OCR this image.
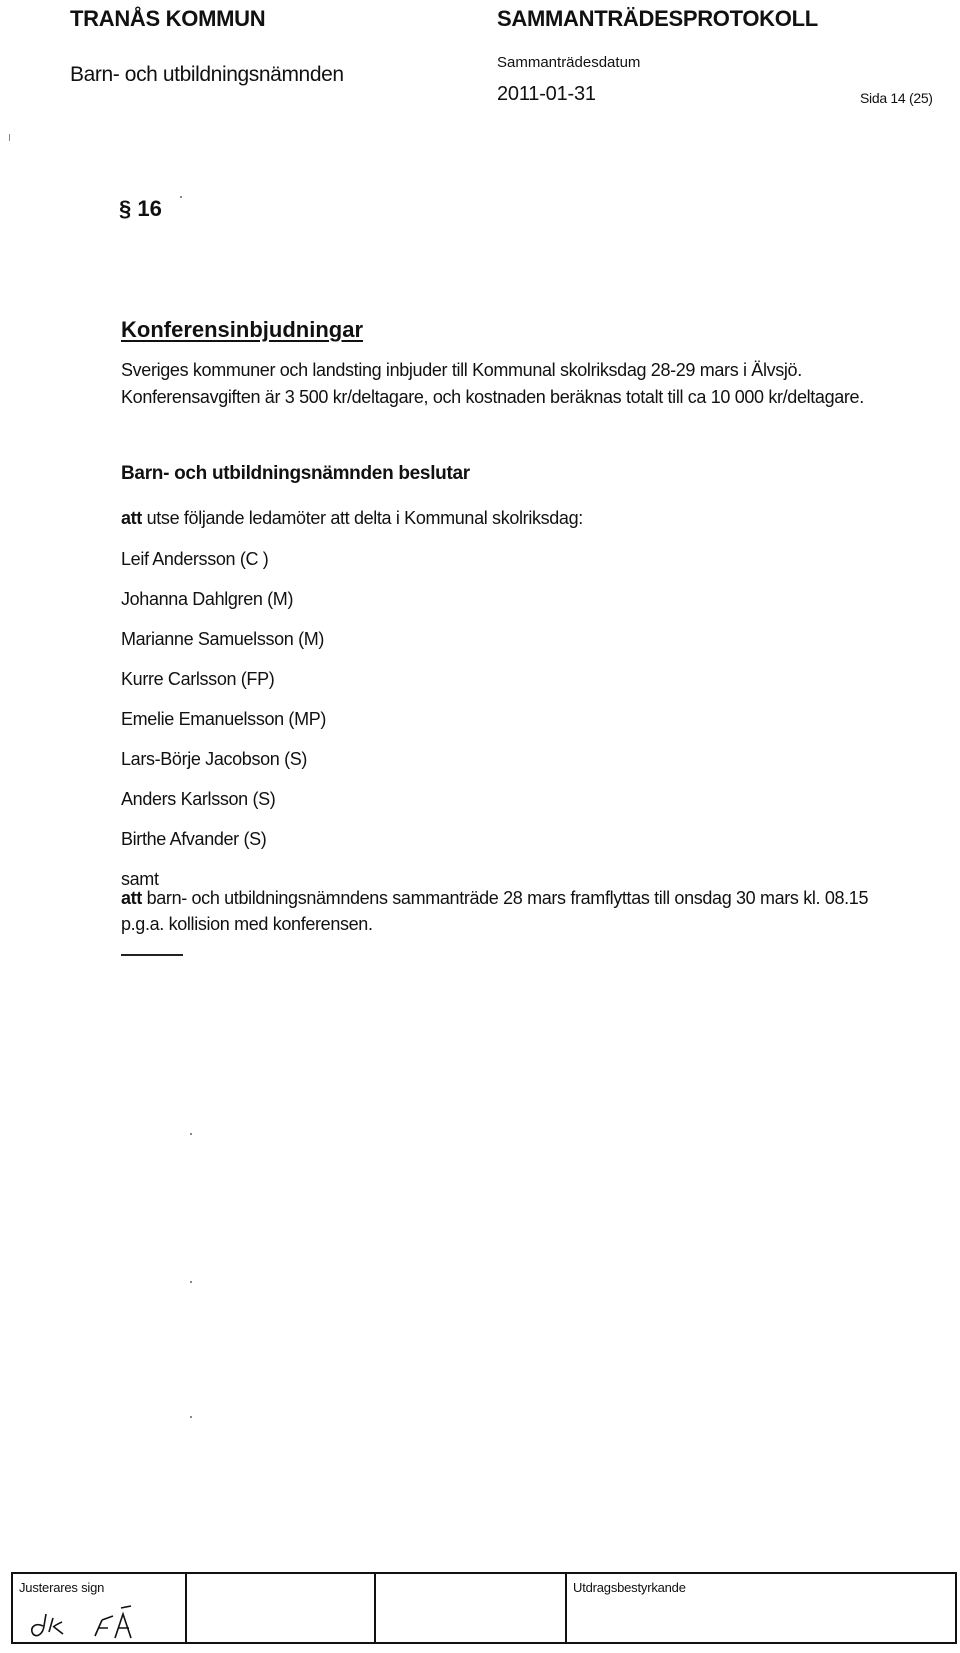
TRANÅS KOMMUN	SAMMANTRÄDESPROTOKOLL
Barn- och utbildningsnämnden
Sammanträdesdatum
2011-01-31	Sida 14 (25)
§ 16
Konferensinbjudningar
Sveriges kommuner och landsting inbjuder till Kommunal skolriksdag 28-29 mars i Älvsjö.
Konferensavgiften är 3 500 kr/deltagare, och kostnaden beräknas totalt till ca 10 000 kr/deltagare.
Barn- och utbildningsnämnden beslutar
att utse följande ledamöter att delta i Kommunal skolriksdag:
Leif Andersson (C )
Johanna Dahlgren (M)
Marianne Samuelsson (M)
Kurre Carlsson (FP)
Emelie Emanuelsson (MP)
Lars-Börje Jacobson (S)
Anders Karlsson (S)
Birthe Afvander (S)
samt
att barn- och utbildningsnämndens sammanträde 28 mars framflyttas till onsdag 30 mars kl. 08.15
p.g.a. kollision med konferensen.
Justerares sign	Utdragsbestyrkande
